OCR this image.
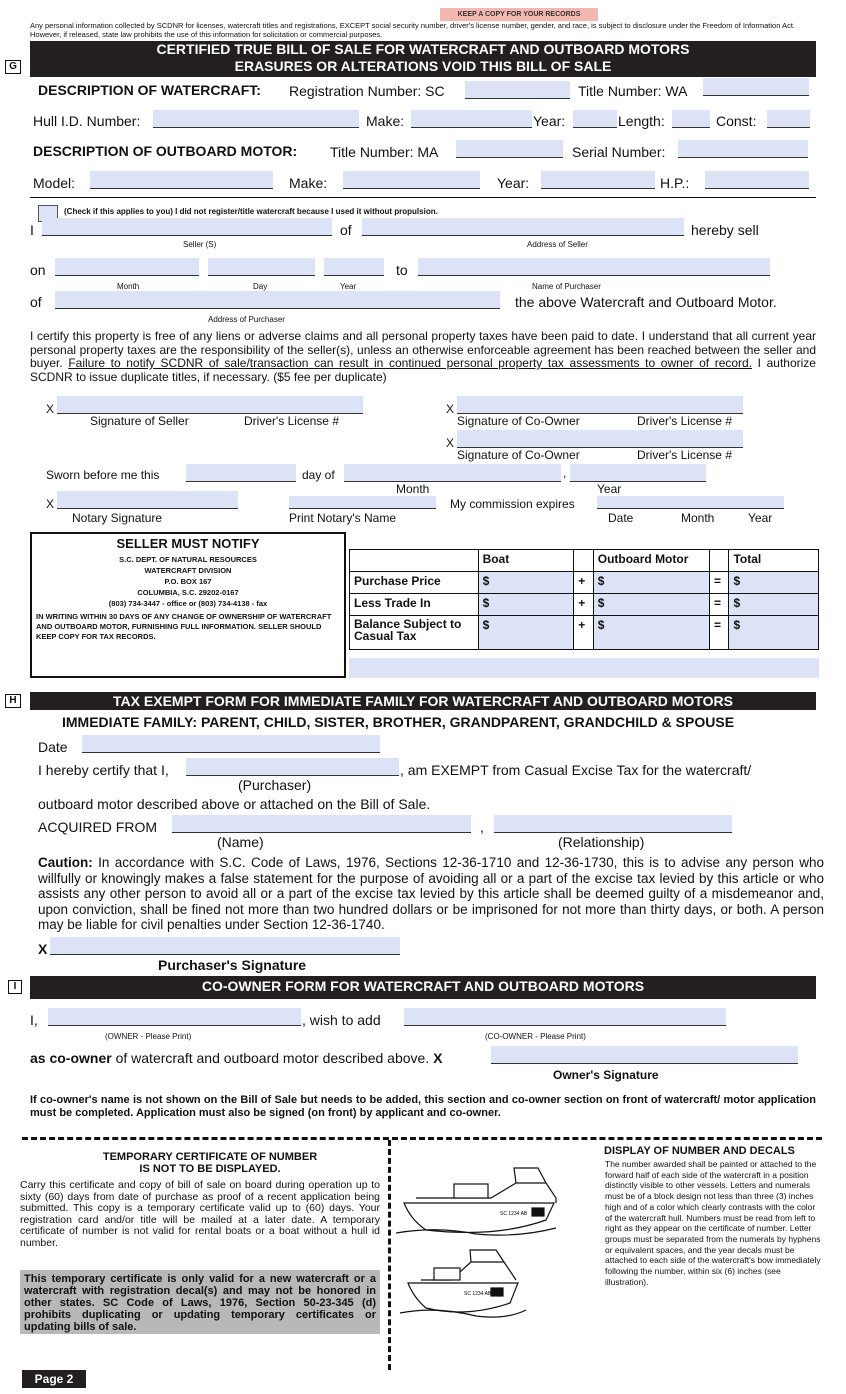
KEEP A COPY FOR YOUR RECORDS
Any personal information collected by SCDNR for licenses, watercraft titles and registrations, EXCEPT social security number, driver's license number, gender, and race, is subject to disclosure under the Freedom of Information Act. However, if released, state law prohibits the use of this information for solicitation or commercial purposes.
G
CERTIFIED TRUE BILL OF SALE FOR WATERCRAFT AND OUTBOARD MOTORS
ERASURES OR ALTERATIONS VOID THIS BILL OF SALE
DESCRIPTION OF WATERCRAFT: Registration Number: SC	Title Number: WA
Hull I.D. Number:	Make:	Year:	Length:	Const:
DESCRIPTION OF OUTBOARD MOTOR: Title Number: MA	Serial Number:
Model:	Make:	Year:	H.P.:
(Check if this applies to you) I did not register/title watercraft because I used it without propulsion.
I	of	hereby sell
Seller (S)	Address of Seller
on	to
Month	Day	Year	Name of Purchaser
of	the above Watercraft and Outboard Motor.
Address of Purchaser
I certify this property is free of any liens or adverse claims and all personal property taxes have been paid to date. I understand that all current year personal property taxes are the responsibility of the seller(s), unless an otherwise enforceable agreement has been reached between the seller and buyer. Failure to notify SCDNR of sale/transaction can result in continued personal property tax assessments to owner of record. I authorize SCDNR to issue duplicate titles, if necessary. ($5 fee per duplicate)
X
Signature of Seller	Driver's License #
X
Signature of Co-Owner	Driver's License #
X
Signature of Co-Owner	Driver's License #
Sworn before me this	day of	,
Month	Year
X	My commission expires
Notary Signature	Print Notary's Name	Date	Month	Year
SELLER MUST NOTIFY
S.C. DEPT. OF NATURAL RESOURCES
WATERCRAFT DIVISION
P.O. BOX 167
COLUMBIA, S.C. 29202-0167
(803) 734-3447 - office or (803) 734-4138 - fax
IN WRITING WITHIN 30 DAYS OF ANY CHANGE OF OWNERSHIP OF WATERCRAFT AND OUTBOARD MOTOR, FURNISHING FULL INFORMATION. SELLER SHOULD KEEP COPY FOR TAX RECORDS.
	Boat		Outboard Motor		Total
Purchase Price	$	+	$	=	$
Less Trade In	$	+	$	=	$
Balance Subject to Casual Tax	$	+	$	=	$
H	TAX EXEMPT FORM FOR IMMEDIATE FAMILY FOR WATERCRAFT AND OUTBOARD MOTORS
IMMEDIATE FAMILY: PARENT, CHILD, SISTER, BROTHER, GRANDPARENT, GRANDCHILD & SPOUSE
Date
I hereby certify that I,	, am EXEMPT from Casual Excise Tax for the watercraft/
(Purchaser)
outboard motor described above or attached on the Bill of Sale.
ACQUIRED FROM	,
(Name)	(Relationship)
Caution: In accordance with S.C. Code of Laws, 1976, Sections 12-36-1710 and 12-36-1730, this is to advise any person who willfully or knowingly makes a false statement for the purpose of avoiding all or a part of the excise tax levied by this article or who assists any other person to avoid all or a part of the excise tax levied by this article shall be deemed guilty of a misdemeanor and, upon conviction, shall be fined not more than two hundred dollars or be imprisoned for not more than thirty days, or both. A person may be liable for civil penalties under Section 12-36-1740.
X
Purchaser's Signature
I	CO-OWNER FORM FOR WATERCRAFT AND OUTBOARD MOTORS
I,	, wish to add
(OWNER - Please Print)	(CO-OWNER - Please Print)
as co-owner of watercraft and outboard motor described above. X
Owner's Signature
If co-owner's name is not shown on the Bill of Sale but needs to be added, this section and co-owner section on front of watercraft/ motor application must be completed. Application must also be signed (on front) by applicant and co-owner.
TEMPORARY CERTIFICATE OF NUMBER
IS NOT TO BE DISPLAYED.
Carry this certificate and copy of bill of sale on board during operation up to sixty (60) days from date of purchase as proof of a recent application being submitted. This copy is a temporary certificate valid up to (60) days. Your registration card and/or title will be mailed at a later date. A temporary certificate of number is not valid for rental boats or a boat without a hull id number.
This temporary certificate is only valid for a new watercraft or a watercraft with registration decal(s) and may not be honored in other states. SC Code of Laws, 1976, Section 50-23-345 (d) prohibits duplicating or updating temporary certificates or updating bills of sale.
DISPLAY OF NUMBER AND DECALS
The number awarded shall be painted or attached to the forward half of each side of the watercraft in a position distinctly visible to other vessels. Letters and numerals must be of a block design not less than three (3) inches high and of a color which clearly contrasts with the color of the watercraft hull. Numbers must be read from left to right as they appear on the certificate of number. Letter groups must be separated from the numerals by hyphens or equivalent spaces, and the year decals must be attached to each side of the watercraft's bow immediately following the number, within six (6) inches (see illustration).
SC 1234 AB
SC 1234 AB
Page 2
